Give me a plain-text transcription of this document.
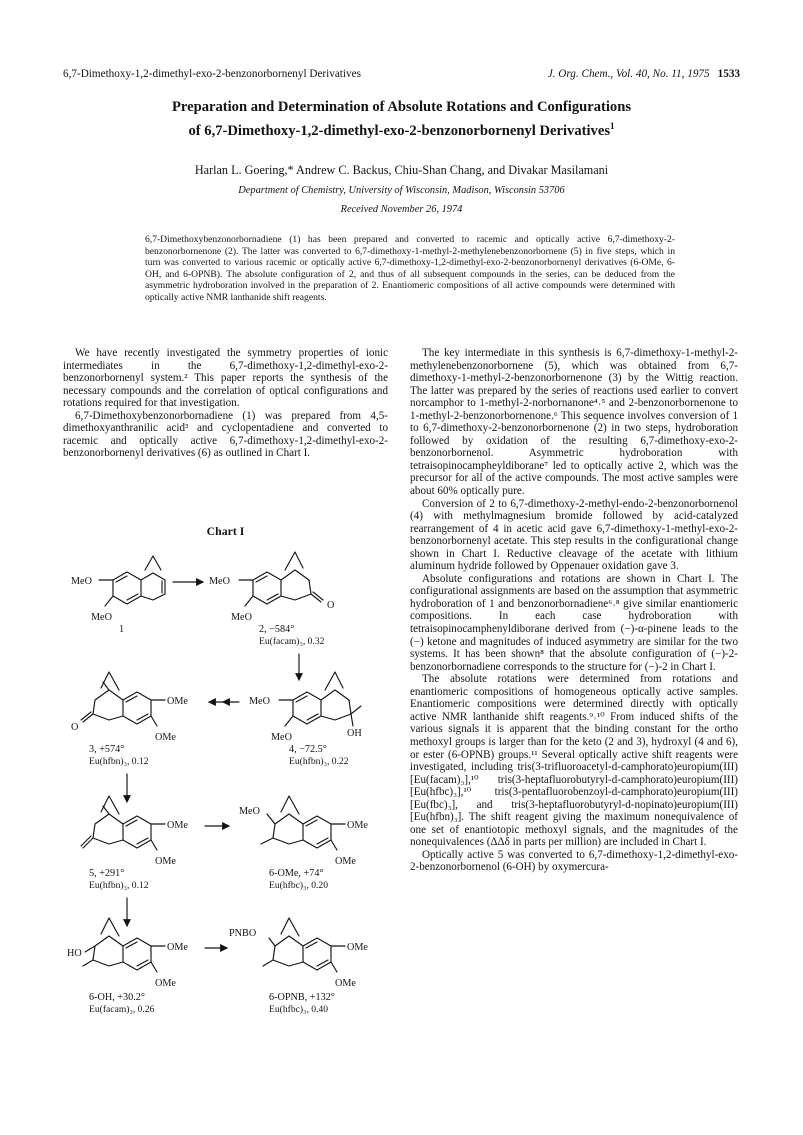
6,7-Dimethoxy-1,2-dimethyl-exo-2-benzonorbornenyl Derivatives	J. Org. Chem., Vol. 40, No. 11, 1975 1533
Preparation and Determination of Absolute Rotations and Configurations
of 6,7-Dimethoxy-1,2-dimethyl-exo-2-benzonorbornenyl Derivatives$^1$
Harlan L. Goering,* Andrew C. Backus, Chiu-Shan Chang, and Divakar Masilamani
Department of Chemistry, University of Wisconsin, Madison, Wisconsin 53706
Received November 26, 1974
6,7-Dimethoxybenzonorbornadiene (1) has been prepared and converted to racemic and optically active 6,7-dimethoxy-2-benzonorbornenone (2). The latter was converted to 6,7-dimethoxy-1-methyl-2-methylenebenzonorbornene (5) in five steps, which in turn was converted to various racemic or optically active 6,7-dimethoxy-1,2-dimethyl-exo-2-benzonorbornenyl derivatives (6-OMe, 6-OH, and 6-OPNB). The absolute configuration of 2, and thus of all subsequent compounds in the series, can be deduced from the asymmetric hydroboration involved in the preparation of 2. Enantiomeric compositions of all active compounds were determined with optically active NMR lanthanide shift reagents.

We have recently investigated the symmetry properties of ionic intermediates in the 6,7-dimethoxy-1,2-dimethyl-exo-2-benzonorbornenyl system.² This paper reports the synthesis of the necessary compounds and the correlation of optical configurations and rotations required for that investigation.

6,7-Dimethoxybenzonorbornadiene (1) was prepared from 4,5-dimethoxyanthranilic acid³ and cyclopentadiene and converted to racemic and optically active 6,7-dimethoxy-1,2-dimethyl-exo-2-benzonorbornenyl derivatives (6) as outlined in Chart I.

Chart I
MeO
MeO
1
MeO
O
MeO
2, −584°
Eu(facam)₃, 0.32
MeO
OH
MeO
4, −72.5°
Eu(hfbn)₃, 0.22
O
OMe
OMe
3, +574°
Eu(hfbn)₃, 0.12
OMe
OMe
5, +291°
Eu(hfbn)₃, 0.12
MeO
OMe
OMe
6-OMe, +74°
Eu(hfbc)₃, 0.20
HO
OMe
OMe
6-OH, +30.2°
Eu(facam)₃, 0.26
PNBO
OMe
OMe
6-OPNB, +132°
Eu(hfbc)₃, 0.40

The key intermediate in this synthesis is 6,7-dimethoxy-1-methyl-2-methylenebenzonorbornene (5), which was obtained from 6,7-dimethoxy-1-methyl-2-benzonorbornenone (3) by the Wittig reaction. The latter was prepared by the series of reactions used earlier to convert norcamphor to 1-methyl-2-norbornanone⁴˒⁵ and 2-benzonorbornenone to 1-methyl-2-benzonorbornenone.⁶ This sequence involves conversion of 1 to 6,7-dimethoxy-2-benzonorbornenone (2) in two steps, hydroboration followed by oxidation of the resulting 6,7-dimethoxy-exo-2-benzonorbornenol. Asymmetric hydroboration with tetraisopinocampheyldiborane⁷ led to optically active 2, which was the precursor for all of the active compounds. The most active samples were about 60% optically pure.

Conversion of 2 to 6,7-dimethoxy-2-methyl-endo-2-benzonorbornenol (4) with methylmagnesium bromide followed by acid-catalyzed rearrangement of 4 in acetic acid gave 6,7-dimethoxy-1-methyl-exo-2-benzonorbornenyl acetate. This step results in the configurational change shown in Chart I. Reductive cleavage of the acetate with lithium aluminum hydride followed by Oppenauer oxidation gave 3.

Absolute configurations and rotations are shown in Chart I. The configurational assignments are based on the assumption that asymmetric hydroboration of 1 and benzonorbornadiene⁶˒⁸ give similar enantiomeric compositions. In each case hydroboration with tetraisopinocamphenyldiborane derived from (−)-α-pinene leads to the (−) ketone and magnitudes of induced asymmetry are similar for the two systems. It has been shown⁸ that the absolute configuration of (−)-2-benzonorbornadiene corresponds to the structure for (−)-2 in Chart I.

The absolute rotations were determined from rotations and enantiomeric compositions of homogeneous optically active samples. Enantiomeric compositions were determined directly with optically active NMR lanthanide shift reagents.⁹˒¹⁰ From induced shifts of the various signals it is apparent that the binding constant for the ortho methoxyl groups is larger than for the keto (2 and 3), hydroxyl (4 and 6), or ester (6-OPNB) groups.¹¹ Several optically active shift reagents were investigated, including tris(3-trifluoroacetyl-d-camphorato)europium(III) [Eu(facam)₃],¹⁰ tris(3-heptafluorobutyryl-d-camphorato)europium(III) [Eu(hfbc)₃],¹⁰ tris(3-pentafluorobenzoyl-d-camphorato)europium(III) [Eu(fbc)₃], and tris(3-heptafluorobutyryl-d-nopinato)europium(III) [Eu(hfbn)₃]. The shift reagent giving the maximum nonequivalence of one set of enantiotopic methoxyl signals, and the magnitudes of the nonequivalences (ΔΔδ in parts per million) are included in Chart I.

Optically active 5 was converted to 6,7-dimethoxy-1,2-dimethyl-exo-2-benzonorbornenol (6-OH) by oxymercura-
